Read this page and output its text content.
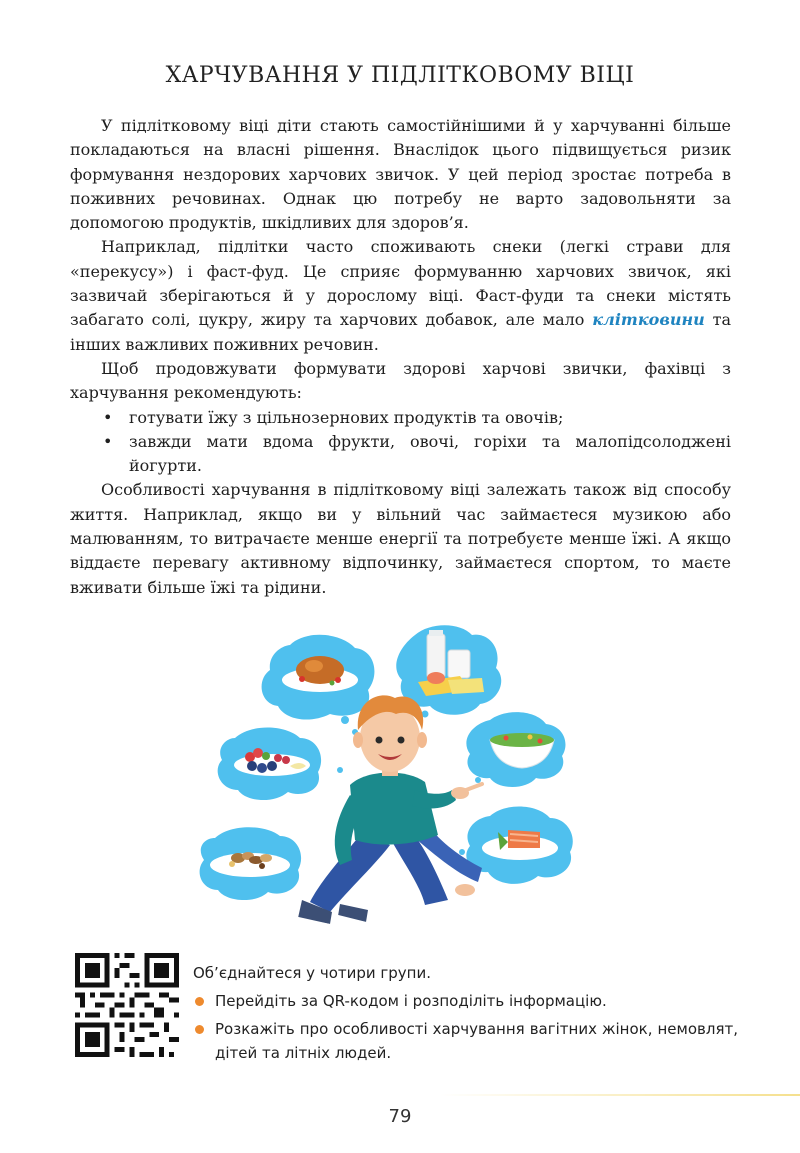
ХАРЧУВАННЯ У ПІДЛІТКОВОМУ ВІЦІ

У підлітковому віці діти стають самостійнішими й у харчуванні більше покладаються на власні рішення. Внаслідок цього підвищується ризик формування нездорових харчових звичок. У цей період зростає потреба в поживних речовинах. Однак цю потребу не варто задовольняти за допомогою продуктів, шкідливих для здоров’я.

Наприклад, підлітки часто споживають снеки (легкі страви для «перекусу») і фаст-фуд. Це сприяє формуванню харчових звичок, які зазвичай зберігаються й у дорослому віці. Фаст-фуди та снеки містять забагато солі, цукру, жиру та харчових добавок, але мало клітковини та інших важливих поживних речовин.

Щоб продовжувати формувати здорові харчові звички, фахівці з харчування рекомендують:

• готувати їжу з цільнозернових продуктів та овочів;
• завжди мати вдома фрукти, овочі, горіхи та малопідсолоджені йогурти.

Особливості харчування в підлітковому віці залежать також від способу життя. Наприклад, якщо ви у вільний час займаєтеся музикою або малюванням, то витрачаєте менше енергії та потребуєте менше їжі. А якщо віддаєте перевагу активному відпочинку, займаєтеся спортом, то маєте вживати більше їжі та рідини.

Об’єднайтеся у чотири групи.

Перейдіть за QR-кодом і розподіліть інформацію.
Розкажіть про особливості харчування вагітних жінок, немовлят, дітей та літніх людей.
79
